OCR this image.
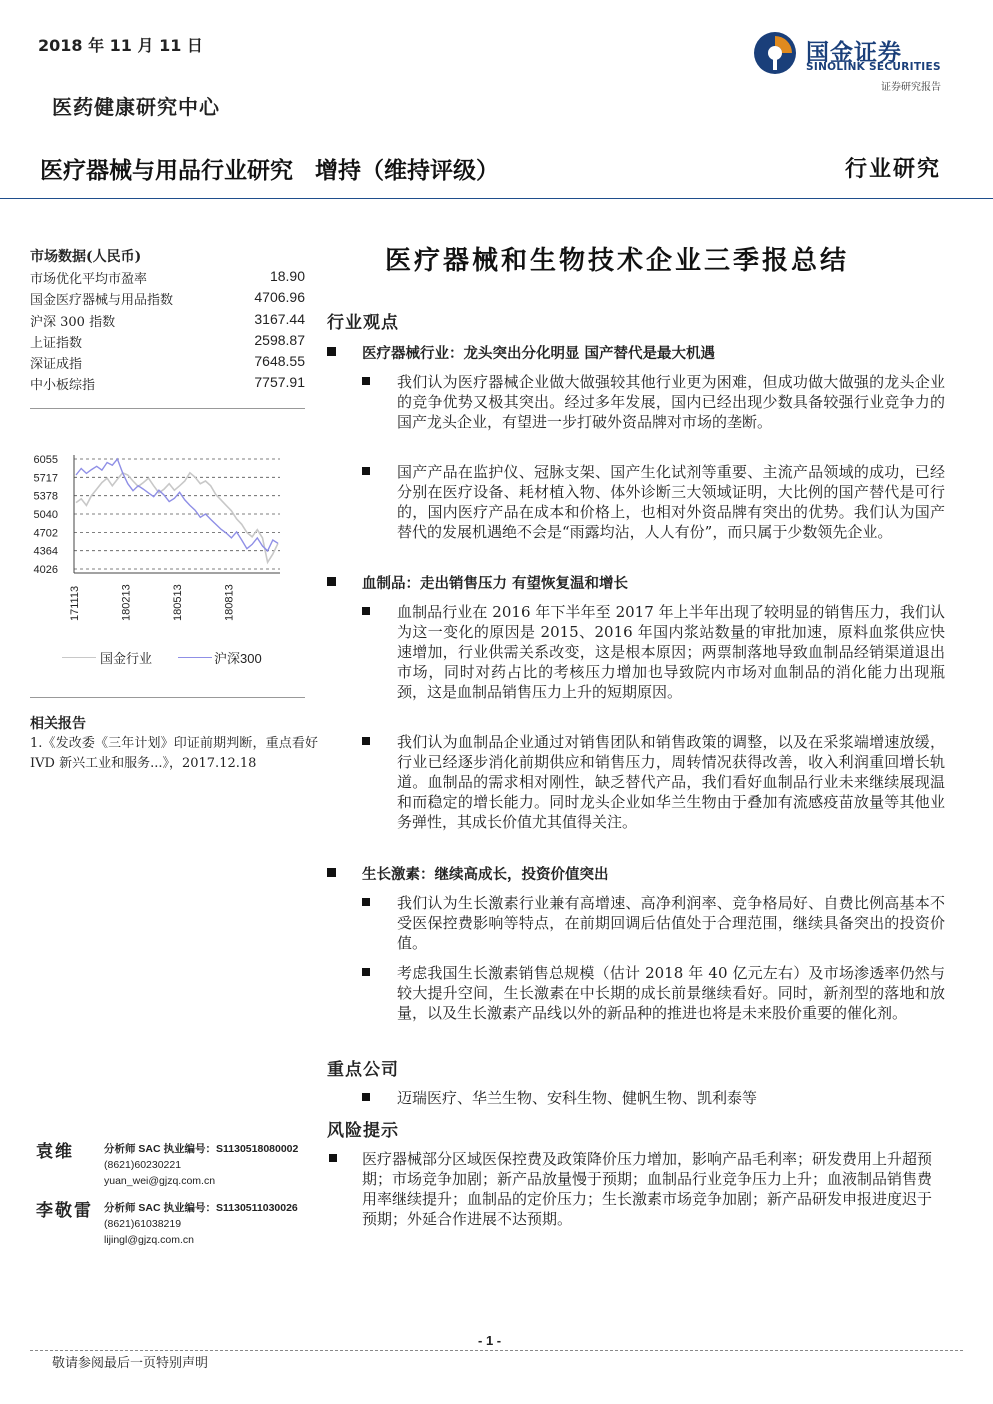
2018 年 11 月 11 日	国金证券
SINOLINK SECURITIES
证券研究报告
医药健康研究中心
医疗器械与用品行业研究 增持（维持评级）	行业研究
市场数据(人民币)
市场优化平均市盈率	18.90
国金医疗器械与用品指数	4706.96
沪深 300 指数	3167.44
上证指数	2598.87
深证成指	7648.55
中小板综指	7757.91
6055
5717
5378
5040
4702
4364
4026
171113	180213	180513	180813
国金行业	沪深300
相关报告
1.《发改委《三年计划》印证前期判断，重点看好 IVD 新兴工业和服务...》，2017.12.18
袁维	分析师 SAC 执业编号：S1130518080002
(8621)60230221
yuan_wei@gjzq.com.cn
李敬雷 分析师 SAC 执业编号：S1130511030026
(8621)61038219
lijingl@gjzq.com.cn
医疗器械和生物技术企业三季报总结
行业观点
医疗器械行业：龙头突出分化明显 国产替代是最大机遇
我们认为医疗器械企业做大做强较其他行业更为困难，但成功做大做强的龙头企业的竞争优势又极其突出。经过多年发展，国内已经出现少数具备较强行业竞争力的国产龙头企业，有望进一步打破外资品牌对市场的垄断。
国产产品在监护仪、冠脉支架、国产生化试剂等重要、主流产品领域的成功，已经分别在医疗设备、耗材植入物、体外诊断三大领域证明，大比例的国产替代是可行的，国内医疗产品在成本和价格上，也相对外资品牌有突出的优势。我们认为国产替代的发展机遇绝不会是“雨露均沾，人人有份”，而只属于少数领先企业。
血制品：走出销售压力 有望恢复温和增长
血制品行业在 2016 年下半年至 2017 年上半年出现了较明显的销售压力，我们认为这一变化的原因是 2015、2016 年国内浆站数量的审批加速，原料血浆供应快速增加，行业供需关系改变，这是根本原因；两票制落地导致血制品经销渠道退出市场，同时对药占比的考核压力增加也导致院内市场对血制品的消化能力出现瓶颈，这是血制品销售压力上升的短期原因。
我们认为血制品企业通过对销售团队和销售政策的调整，以及在采浆端增速放缓，行业已经逐步消化前期供应和销售压力，周转情况获得改善，收入利润重回增长轨道。血制品的需求相对刚性，缺乏替代产品，我们看好血制品行业未来继续展现温和而稳定的增长能力。同时龙头企业如华兰生物由于叠加有流感疫苗放量等其他业务弹性，其成长价值尤其值得关注。
生长激素：继续高成长，投资价值突出
我们认为生长激素行业兼有高增速、高净利润率、竞争格局好、自费比例高基本不受医保控费影响等特点，在前期回调后估值处于合理范围，继续具备突出的投资价值。
考虑我国生长激素销售总规模（估计 2018 年 40 亿元左右）及市场渗透率仍然与较大提升空间，生长激素在中长期的成长前景继续看好。同时，新剂型的落地和放量，以及生长激素产品线以外的新品种的推进也将是未来股价重要的催化剂。
重点公司
迈瑞医疗、华兰生物、安科生物、健帆生物、凯利泰等
风险提示
医疗器械部分区域医保控费及政策降价压力增加，影响产品毛利率；研发费用上升超预期；市场竞争加剧；新产品放量慢于预期；血制品行业竞争压力上升；血液制品销售费用率继续提升；血制品的定价压力；生长激素市场竞争加剧；新产品研发申报进度迟于预期；外延合作进展不达预期。
- 1 -
敬请参阅最后一页特别声明
